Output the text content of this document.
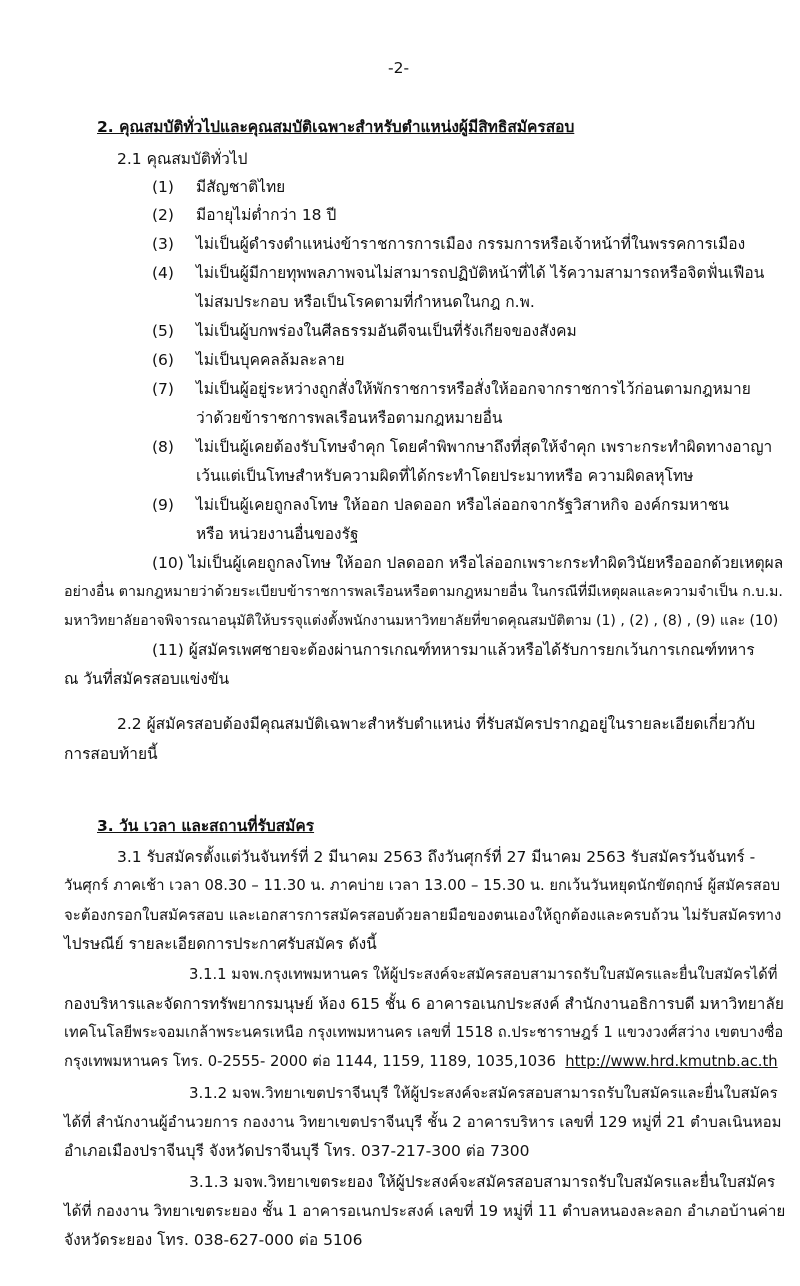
-2-
2. คุณสมบัติทั่วไปและคุณสมบัติเฉพาะสำหรับตำแหน่งผู้มีสิทธิสมัครสอบ
2.1 คุณสมบัติทั่วไป
(1) มีสัญชาติไทย
(2) มีอายุไม่ต่ำกว่า 18 ปี
(3) ไม่เป็นผู้ดำรงตำแหน่งข้าราชการการเมือง กรรมการหรือเจ้าหน้าที่ในพรรคการเมือง
(4) ไม่เป็นผู้มีกายทุพพลภาพจนไม่สามารถปฏิบัติหน้าที่ได้ ไร้ความสามารถหรือจิตฟั่นเฟือน
ไม่สมประกอบ หรือเป็นโรคตามที่กำหนดในกฎ ก.พ.
(5) ไม่เป็นผู้บกพร่องในศีลธรรมอันดีจนเป็นที่รังเกียจของสังคม
(6) ไม่เป็นบุคคลล้มละลาย
(7) ไม่เป็นผู้อยู่ระหว่างถูกสั่งให้พักราชการหรือสั่งให้ออกจากราชการไว้ก่อนตามกฎหมาย
ว่าด้วยข้าราชการพลเรือนหรือตามกฎหมายอื่น
(8) ไม่เป็นผู้เคยต้องรับโทษจำคุก โดยคำพิพากษาถึงที่สุดให้จำคุก เพราะกระทำผิดทางอาญา
เว้นแต่เป็นโทษสำหรับความผิดที่ได้กระทำโดยประมาทหรือ ความผิดลหุโทษ
(9) ไม่เป็นผู้เคยถูกลงโทษ ให้ออก ปลดออก หรือไล่ออกจากรัฐวิสาหกิจ องค์กรมหาชน
หรือ หน่วยงานอื่นของรัฐ
(10) ไม่เป็นผู้เคยถูกลงโทษ ให้ออก ปลดออก หรือไล่ออกเพราะกระทำผิดวินัยหรือออกด้วยเหตุผล
อย่างอื่น ตามกฎหมายว่าด้วยระเบียบข้าราชการพลเรือนหรือตามกฎหมายอื่น ในกรณีที่มีเหตุผลและความจำเป็น ก.บ.ม.
มหาวิทยาลัยอาจพิจารณาอนุมัติให้บรรจุแต่งตั้งพนักงานมหาวิทยาลัยที่ขาดคุณสมบัติตาม (1) , (2) , (8) , (9) และ (10)
(11) ผู้สมัครเพศชายจะต้องผ่านการเกณฑ์ทหารมาแล้วหรือได้รับการยกเว้นการเกณฑ์ทหาร
ณ วันที่สมัครสอบแข่งขัน
2.2 ผู้สมัครสอบต้องมีคุณสมบัติเฉพาะสำหรับตำแหน่ง ที่รับสมัครปรากฏอยู่ในรายละเอียดเกี่ยวกับ
การสอบท้ายนี้
3. วัน เวลา และสถานที่รับสมัคร
3.1 รับสมัครตั้งแต่วันจันทร์ที่ 2 มีนาคม 2563 ถึงวันศุกร์ที่ 27 มีนาคม 2563 รับสมัครวันจันทร์ -
วันศุกร์ ภาคเช้า เวลา 08.30 – 11.30 น. ภาคบ่าย เวลา 13.00 – 15.30 น. ยกเว้นวันหยุดนักขัตฤกษ์ ผู้สมัครสอบ
จะต้องกรอกใบสมัครสอบ และเอกสารการสมัครสอบด้วยลายมือของตนเองให้ถูกต้องและครบถ้วน ไม่รับสมัครทาง
ไปรษณีย์ รายละเอียดการประกาศรับสมัคร ดังนี้
3.1.1 มจพ.กรุงเทพมหานคร ให้ผู้ประสงค์จะสมัครสอบสามารถรับใบสมัครและยื่นใบสมัครได้ที่
กองบริหารและจัดการทรัพยากรมนุษย์ ห้อง 615 ชั้น 6 อาคารอเนกประสงค์ สำนักงานอธิการบดี มหาวิทยาลัย
เทคโนโลยีพระจอมเกล้าพระนครเหนือ กรุงเทพมหานคร เลขที่ 1518 ถ.ประชาราษฎร์ 1 แขวงวงศ์สว่าง เขตบางซื่อ
กรุงเทพมหานคร โทร. 0-2555- 2000 ต่อ 1144, 1159, 1189, 1035,1036 http://www.hrd.kmutnb.ac.th
3.1.2 มจพ.วิทยาเขตปราจีนบุรี ให้ผู้ประสงค์จะสมัครสอบสามารถรับใบสมัครและยื่นใบสมัคร
ได้ที่ สำนักงานผู้อำนวยการ กองงาน วิทยาเขตปราจีนบุรี ชั้น 2 อาคารบริหาร เลขที่ 129 หมู่ที่ 21 ตำบลเนินหอม
อำเภอเมืองปราจีนบุรี จังหวัดปราจีนบุรี โทร. 037-217-300 ต่อ 7300
3.1.3 มจพ.วิทยาเขตระยอง ให้ผู้ประสงค์จะสมัครสอบสามารถรับใบสมัครและยื่นใบสมัคร
ได้ที่ กองงาน วิทยาเขตระยอง ชั้น 1 อาคารอเนกประสงค์ เลขที่ 19 หมู่ที่ 11 ตำบลหนองละลอก อำเภอบ้านค่าย
จังหวัดระยอง โทร. 038-627-000 ต่อ 5106
